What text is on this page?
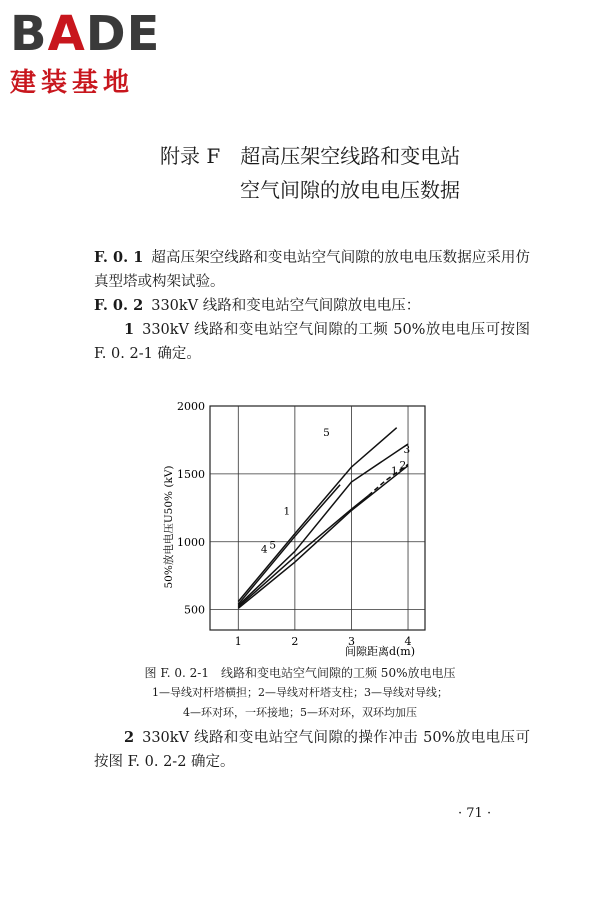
BADE
建装基地
附录 F　 超高压架空线路和变电站
空气间隙的放电电压数据
F. 0. 1 超高压架空线路和变电站空气间隙的放电电压数据应采用仿真型塔或构架试验。
F. 0. 2 330kV 线路和变电站空气间隙放电电压：
1 330kV 线路和变电站空气间隙的工频 50%放电电压可按图 F. 0. 2-1 确定。
1	2	3	4
500
1000
1500
2000
1 2
3
1
4 5
5
间隙距离d(m)
50%放电电压U50% (kV)
图 F. 0. 2-1　线路和变电站空气间隙的工频 50%放电电压
1—导线对杆塔横担；2—导线对杆塔支柱；3—导线对导线；
4—环对环，一环接地；5—环对环，双环均加压
2 330kV 线路和变电站空气间隙的操作冲击 50%放电电压可按图 F. 0. 2-2 确定。
· 71 ·
